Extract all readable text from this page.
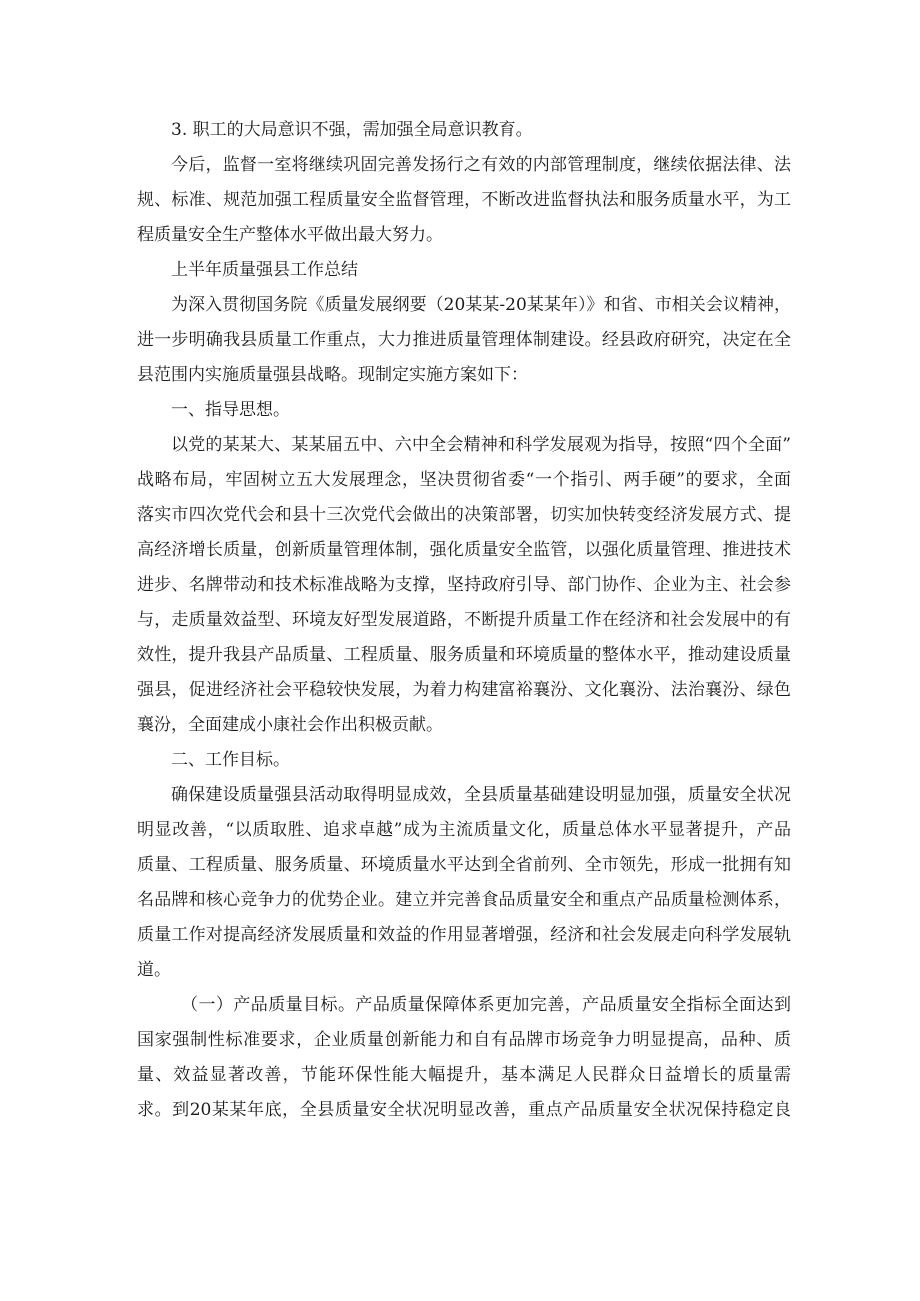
3. 职工的大局意识不强，需加强全局意识教育。
今后，监督一室将继续巩固完善发扬行之有效的内部管理制度，继续依据法律、法
规、标准、规范加强工程质量安全监督管理，不断改进监督执法和服务质量水平，为工
程质量安全生产整体水平做出最大努力。
上半年质量强县工作总结
为深入贯彻国务院《质量发展纲要（20某某-20某某年）》和省、市相关会议精神，
进一步明确我县质量工作重点，大力推进质量管理体制建设。经县政府研究，决定在全
县范围内实施质量强县战略。现制定实施方案如下：
一、指导思想。
以党的某某大、某某届五中、六中全会精神和科学发展观为指导，按照“四个全面”
战略布局，牢固树立五大发展理念，坚决贯彻省委“一个指引、两手硬”的要求，全面
落实市四次党代会和县十三次党代会做出的决策部署，切实加快转变经济发展方式、提
高经济增长质量，创新质量管理体制，强化质量安全监管，以强化质量管理、推进技术
进步、名牌带动和技术标准战略为支撑，坚持政府引导、部门协作、企业为主、社会参
与，走质量效益型、环境友好型发展道路，不断提升质量工作在经济和社会发展中的有
效性，提升我县产品质量、工程质量、服务质量和环境质量的整体水平，推动建设质量
强县，促进经济社会平稳较快发展，为着力构建富裕襄汾、文化襄汾、法治襄汾、绿色
襄汾，全面建成小康社会作出积极贡献。
二、工作目标。
确保建设质量强县活动取得明显成效，全县质量基础建设明显加强，质量安全状况
明显改善，“以质取胜、追求卓越”成为主流质量文化，质量总体水平显著提升，产品
质量、工程质量、服务质量、环境质量水平达到全省前列、全市领先，形成一批拥有知
名品牌和核心竞争力的优势企业。建立并完善食品质量安全和重点产品质量检测体系，
质量工作对提高经济发展质量和效益的作用显著增强，经济和社会发展走向科学发展轨
道。
（一）产品质量目标。产品质量保障体系更加完善，产品质量安全指标全面达到
国家强制性标准要求，企业质量创新能力和自有品牌市场竞争力明显提高，品种、质
量、效益显著改善，节能环保性能大幅提升，基本满足人民群众日益增长的质量需
求。到20某某年底，全县质量安全状况明显改善，重点产品质量安全状况保持稳定良
